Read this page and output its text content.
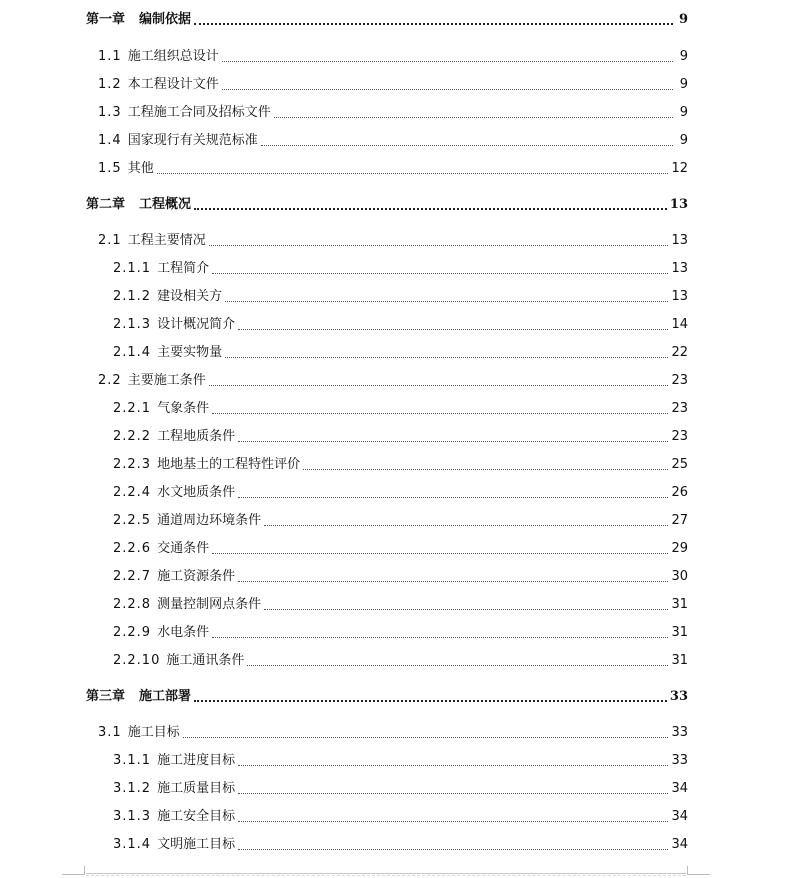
第一章 编制依据	9
1.1 施工组织总设计	9
1.2 本工程设计文件	9
1.3 工程施工合同及招标文件	9
1.4 国家现行有关规范标准	9
1.5 其他	12
第二章 工程概况	13
2.1 工程主要情况	13
2.1.1 工程简介	13
2.1.2 建设相关方	13
2.1.3 设计概况简介	14
2.1.4 主要实物量	22
2.2 主要施工条件	23
2.2.1 气象条件	23
2.2.2 工程地质条件	23
2.2.3 地地基土的工程特性评价	25
2.2.4 水文地质条件	26
2.2.5 通道周边环境条件	27
2.2.6 交通条件	29
2.2.7 施工资源条件	30
2.2.8 测量控制网点条件	31
2.2.9 水电条件	31
2.2.10 施工通讯条件	31
第三章 施工部署	33
3.1 施工目标	33
3.1.1 施工进度目标	33
3.1.2 施工质量目标	34
3.1.3 施工安全目标	34
3.1.4 文明施工目标	34
